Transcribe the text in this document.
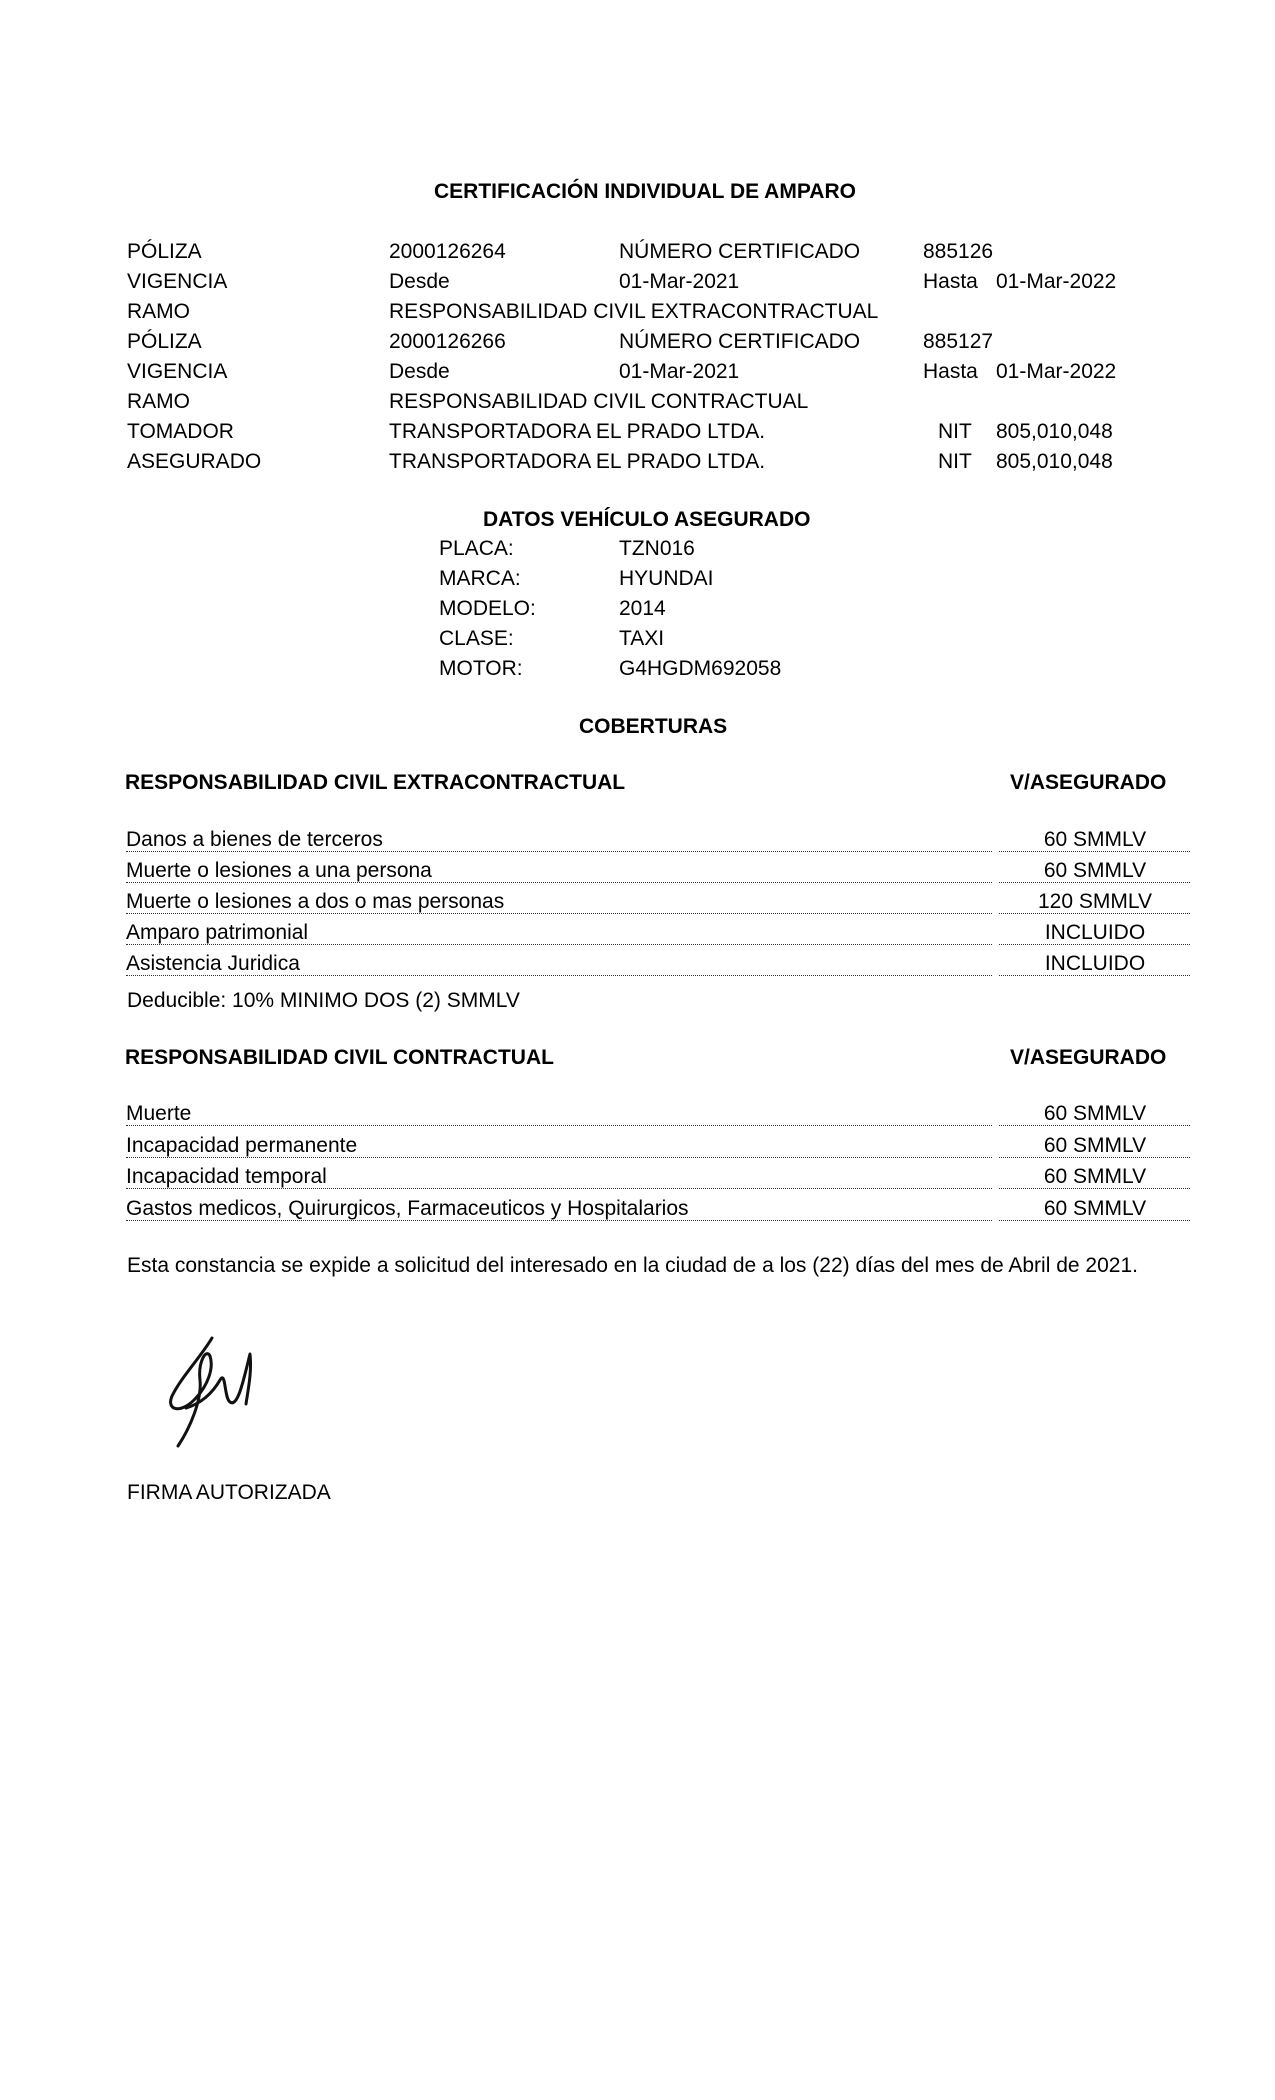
CERTIFICACIÓN INDIVIDUAL DE AMPARO
PÓLIZA	2000126264	NÚMERO CERTIFICADO	885126
VIGENCIA	Desde	01-Mar-2021	Hasta 01-Mar-2022
RAMO	RESPONSABILIDAD CIVIL EXTRACONTRACTUAL
PÓLIZA	2000126266	NÚMERO CERTIFICADO	885127
VIGENCIA	Desde	01-Mar-2021	Hasta 01-Mar-2022
RAMO	RESPONSABILIDAD CIVIL CONTRACTUAL
TOMADOR	TRANSPORTADORA EL PRADO LTDA.	NIT 805,010,048
ASEGURADO	TRANSPORTADORA EL PRADO LTDA.	NIT 805,010,048
DATOS VEHÍCULO ASEGURADO
PLACA:	TZN016
MARCA:	HYUNDAI
MODELO:	2014
CLASE:	TAXI
MOTOR:	G4HGDM692058
COBERTURAS
RESPONSABILIDAD CIVIL EXTRACONTRACTUAL	V/ASEGURADO
Danos a bienes de terceros	60 SMMLV
Muerte o lesiones a una persona	60 SMMLV
Muerte o lesiones a dos o mas personas	120 SMMLV
Amparo patrimonial	INCLUIDO
Asistencia Juridica	INCLUIDO
Deducible: 10% MINIMO DOS (2) SMMLV
RESPONSABILIDAD CIVIL CONTRACTUAL	V/ASEGURADO
Muerte	60 SMMLV
Incapacidad permanente	60 SMMLV
Incapacidad temporal	60 SMMLV
Gastos medicos, Quirurgicos, Farmaceuticos y Hospitalarios	60 SMMLV
Esta constancia se expide a solicitud del interesado en la ciudad de a los (22) días del mes de Abril de 2021.
FIRMA AUTORIZADA
